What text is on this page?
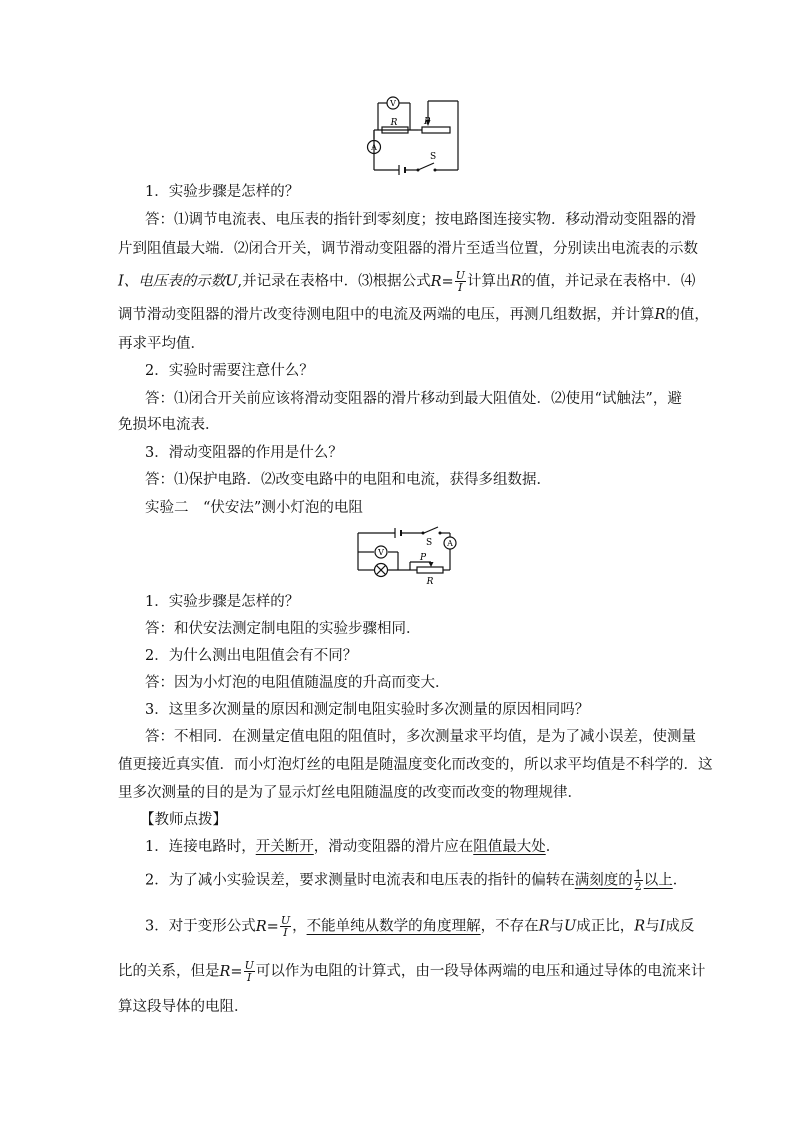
V
R	P
A
S
1．实验步骤是怎样的？
答：⑴调节电流表、电压表的指针到零刻度；按电路图连接实物．移动滑动变阻器的滑
片到阻值最大端．⑵闭合开关，调节滑动变阻器的滑片至适当位置，分别读出电流表的示数
I、电压表的示数U,并记录在表格中．⑶根据公式$R= \frac{U}{I}$ 计算出R的值，并记录在表格中．⑷
调节滑动变阻器的滑片改变待测电阻中的电流及两端的电压，再测几组数据，并计算R的值，
再求平均值．
2．实验时需要注意什么？
答：⑴闭合开关前应该将滑动变阻器的滑片移动到最大阻值处．⑵使用“试触法”，避
免损坏电流表．
3．滑动变阻器的作用是什么？
答：⑴保护电路．⑵改变电路中的电阻和电流，获得多组数据．
实验二　“伏安法”测小灯泡的电阻
V
P
A
S
R
1．实验步骤是怎样的？
答：和伏安法测定制电阻的实验步骤相同．
2．为什么测出电阻值会有不同？
答：因为小灯泡的电阻值随温度的升高而变大．
3．这里多次测量的原因和测定制电阻实验时多次测量的原因相同吗？
答：不相同．在测量定值电阻的阻值时，多次测量求平均值，是为了减小误差，使测量
值更接近真实值．而小灯泡灯丝的电阻是随温度变化而改变的，所以求平均值是不科学的．这
里多次测量的目的是为了显示灯丝电阻随温度的改变而改变的物理规律．
【教师点拨】
1．连接电路时，开关断开，滑动变阻器的滑片应在阻值最大处．
2．为了减小实验误差，要求测量时电流表和电压表的指针的偏转在满刻度的 $\frac{1}{2}$ 以上．
3．对于变形公式$R= \frac{U}{I}$ ，不能单纯从数学的角度理解，不存在R与U成正比，R与I成反
比的关系，但是$R= \frac{U}{I}$ 可以作为电阻的计算式，由一段导体两端的电压和通过导体的电流来计
算这段导体的电阻．
